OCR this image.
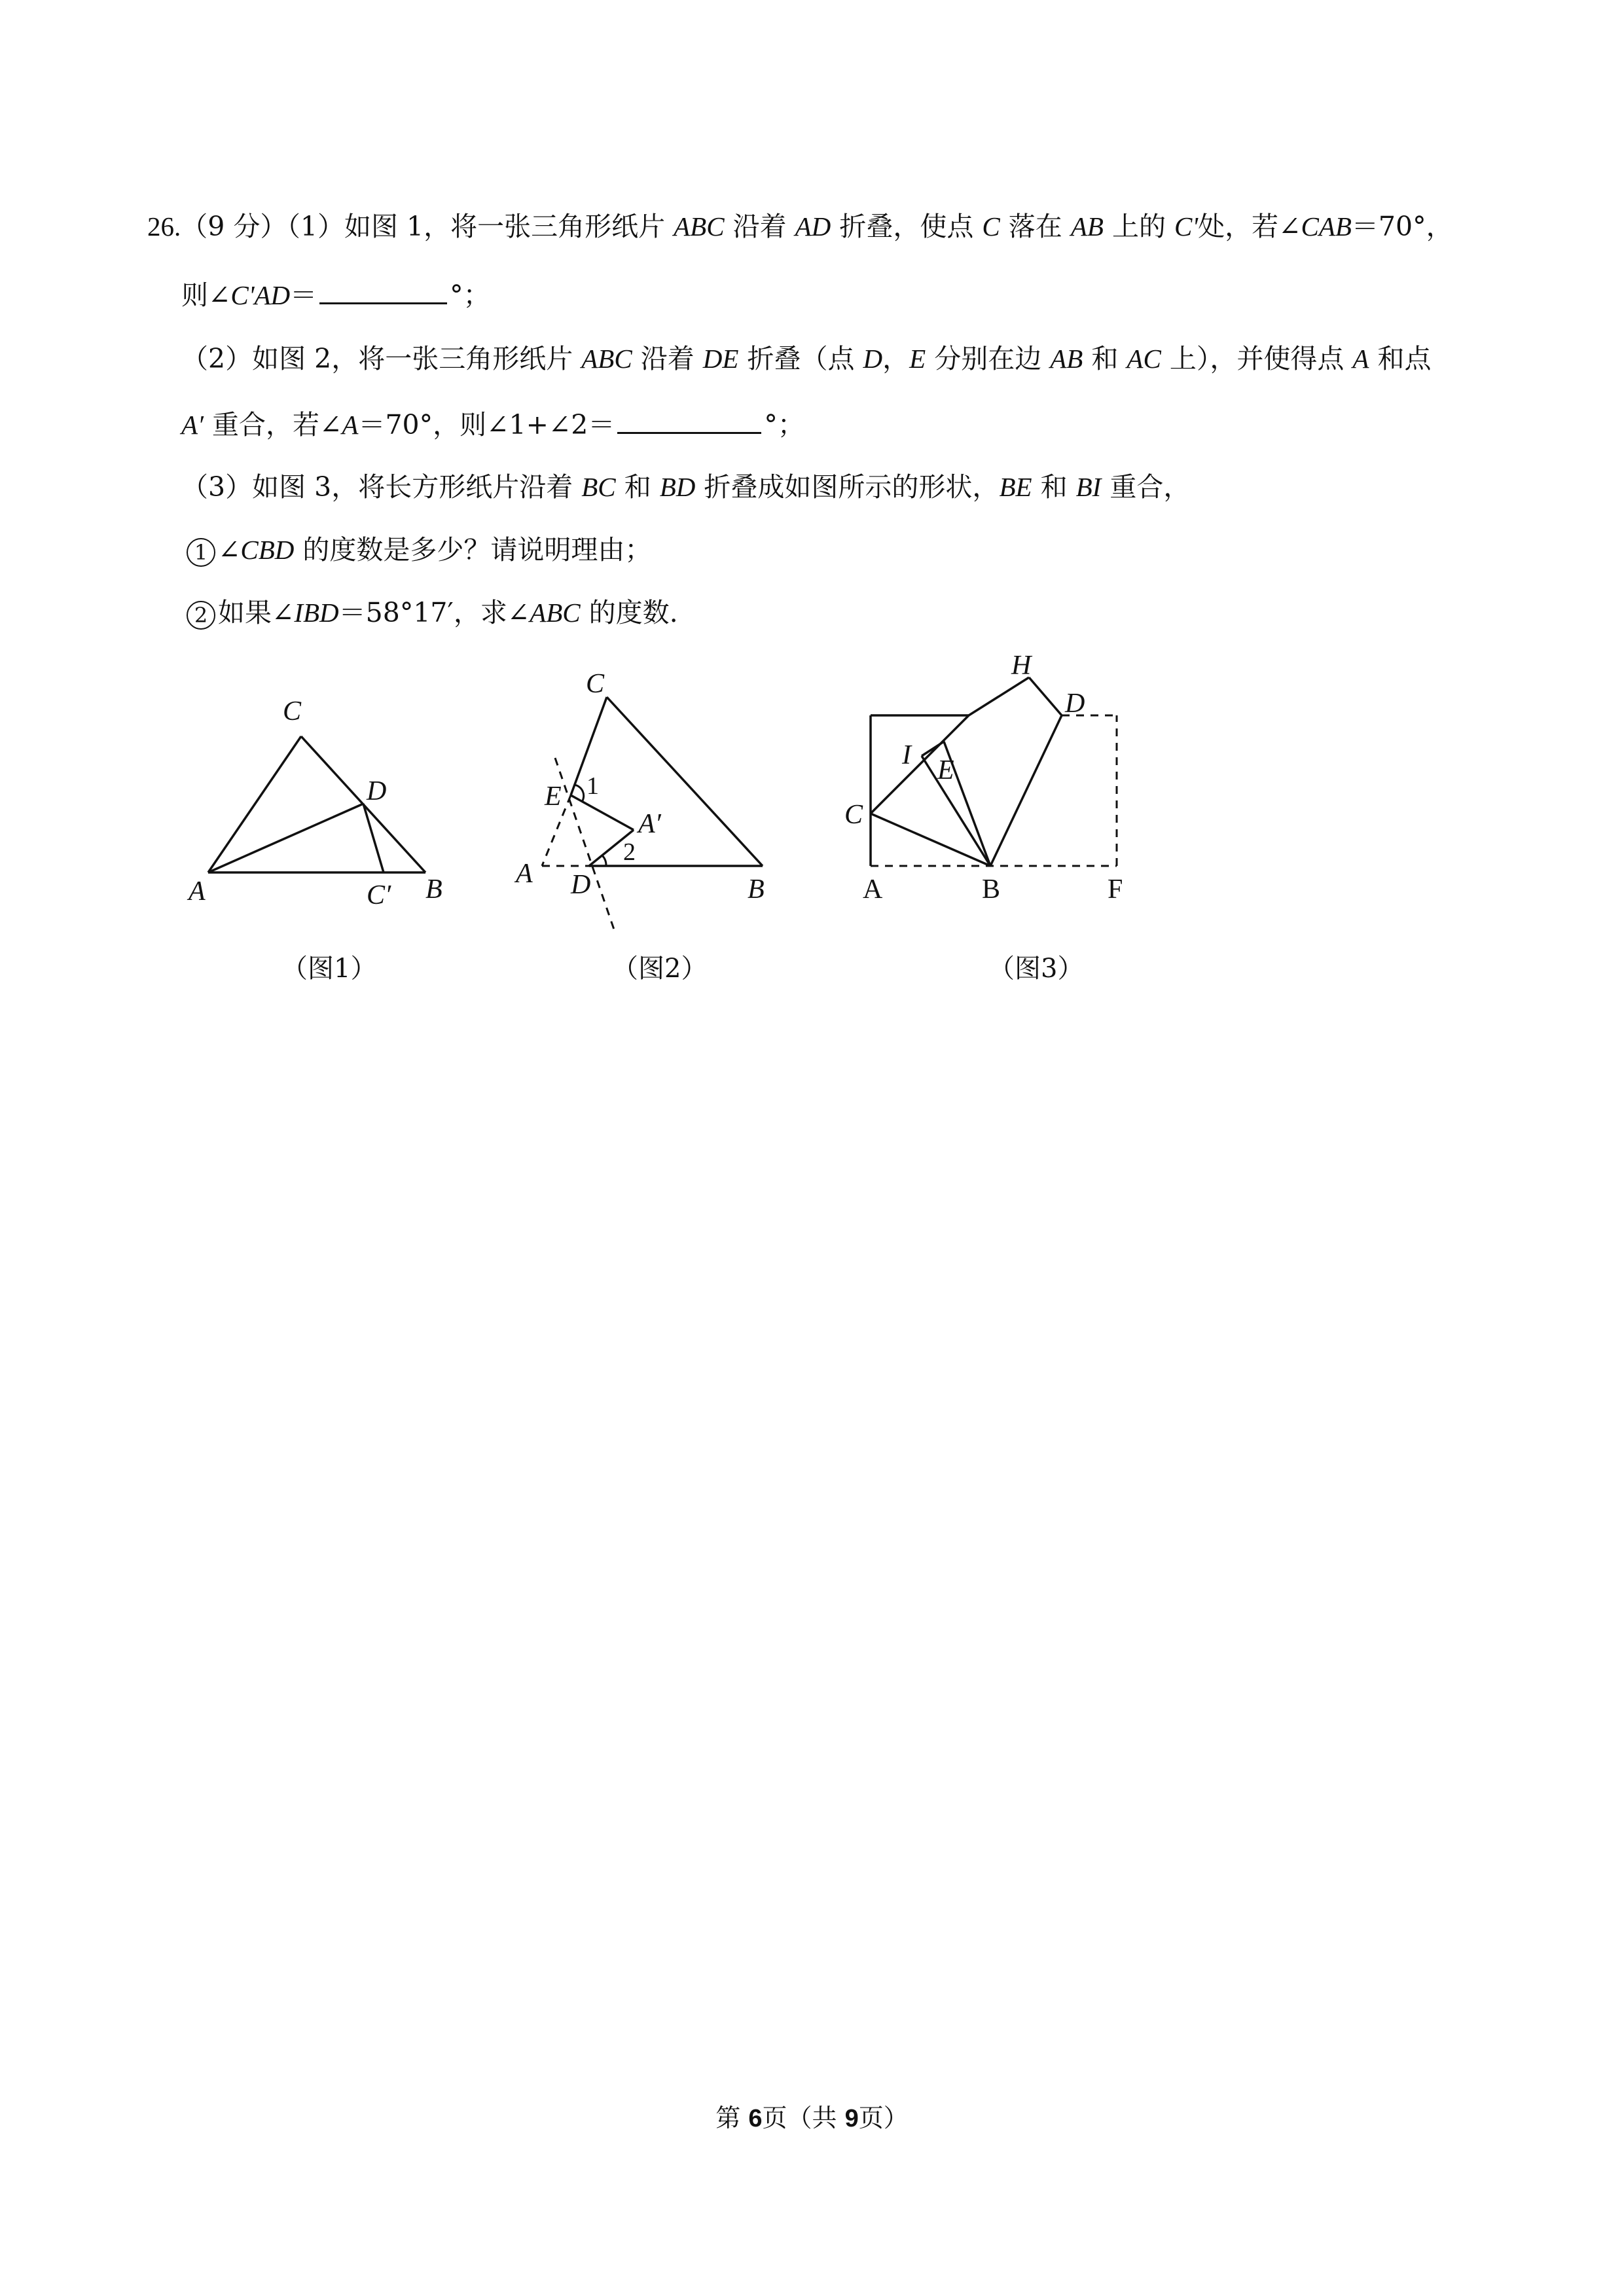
26.（9 分）（1）如图 1，将一张三角形纸片 ABC 沿着 AD 折叠，使点 C 落在 AB 上的 C'处，若∠CAB＝70°，
则∠C'AD＝	°；
（2）如图 2，将一张三角形纸片 ABC 沿着 DE 折叠（点 D，E 分别在边 AB 和 AC 上），并使得点 A 和点
A′ 重合，若∠A＝70°，则∠1+∠2＝	°；
（3）如图 3，将长方形纸片沿着 BC 和 BD 折叠成如图所示的形状，BE 和 BI 重合，
1 ∠CBD 的度数是多少？请说明理由；
2 如果∠IBD＝58°17′，求∠ABC 的度数.
C
D
A	C′ B
C
E
A′
A D	B
1
2
H
D
I E
C
A	B	F
（图1）	（图2）	（图3）
第 6页（共 9页）
